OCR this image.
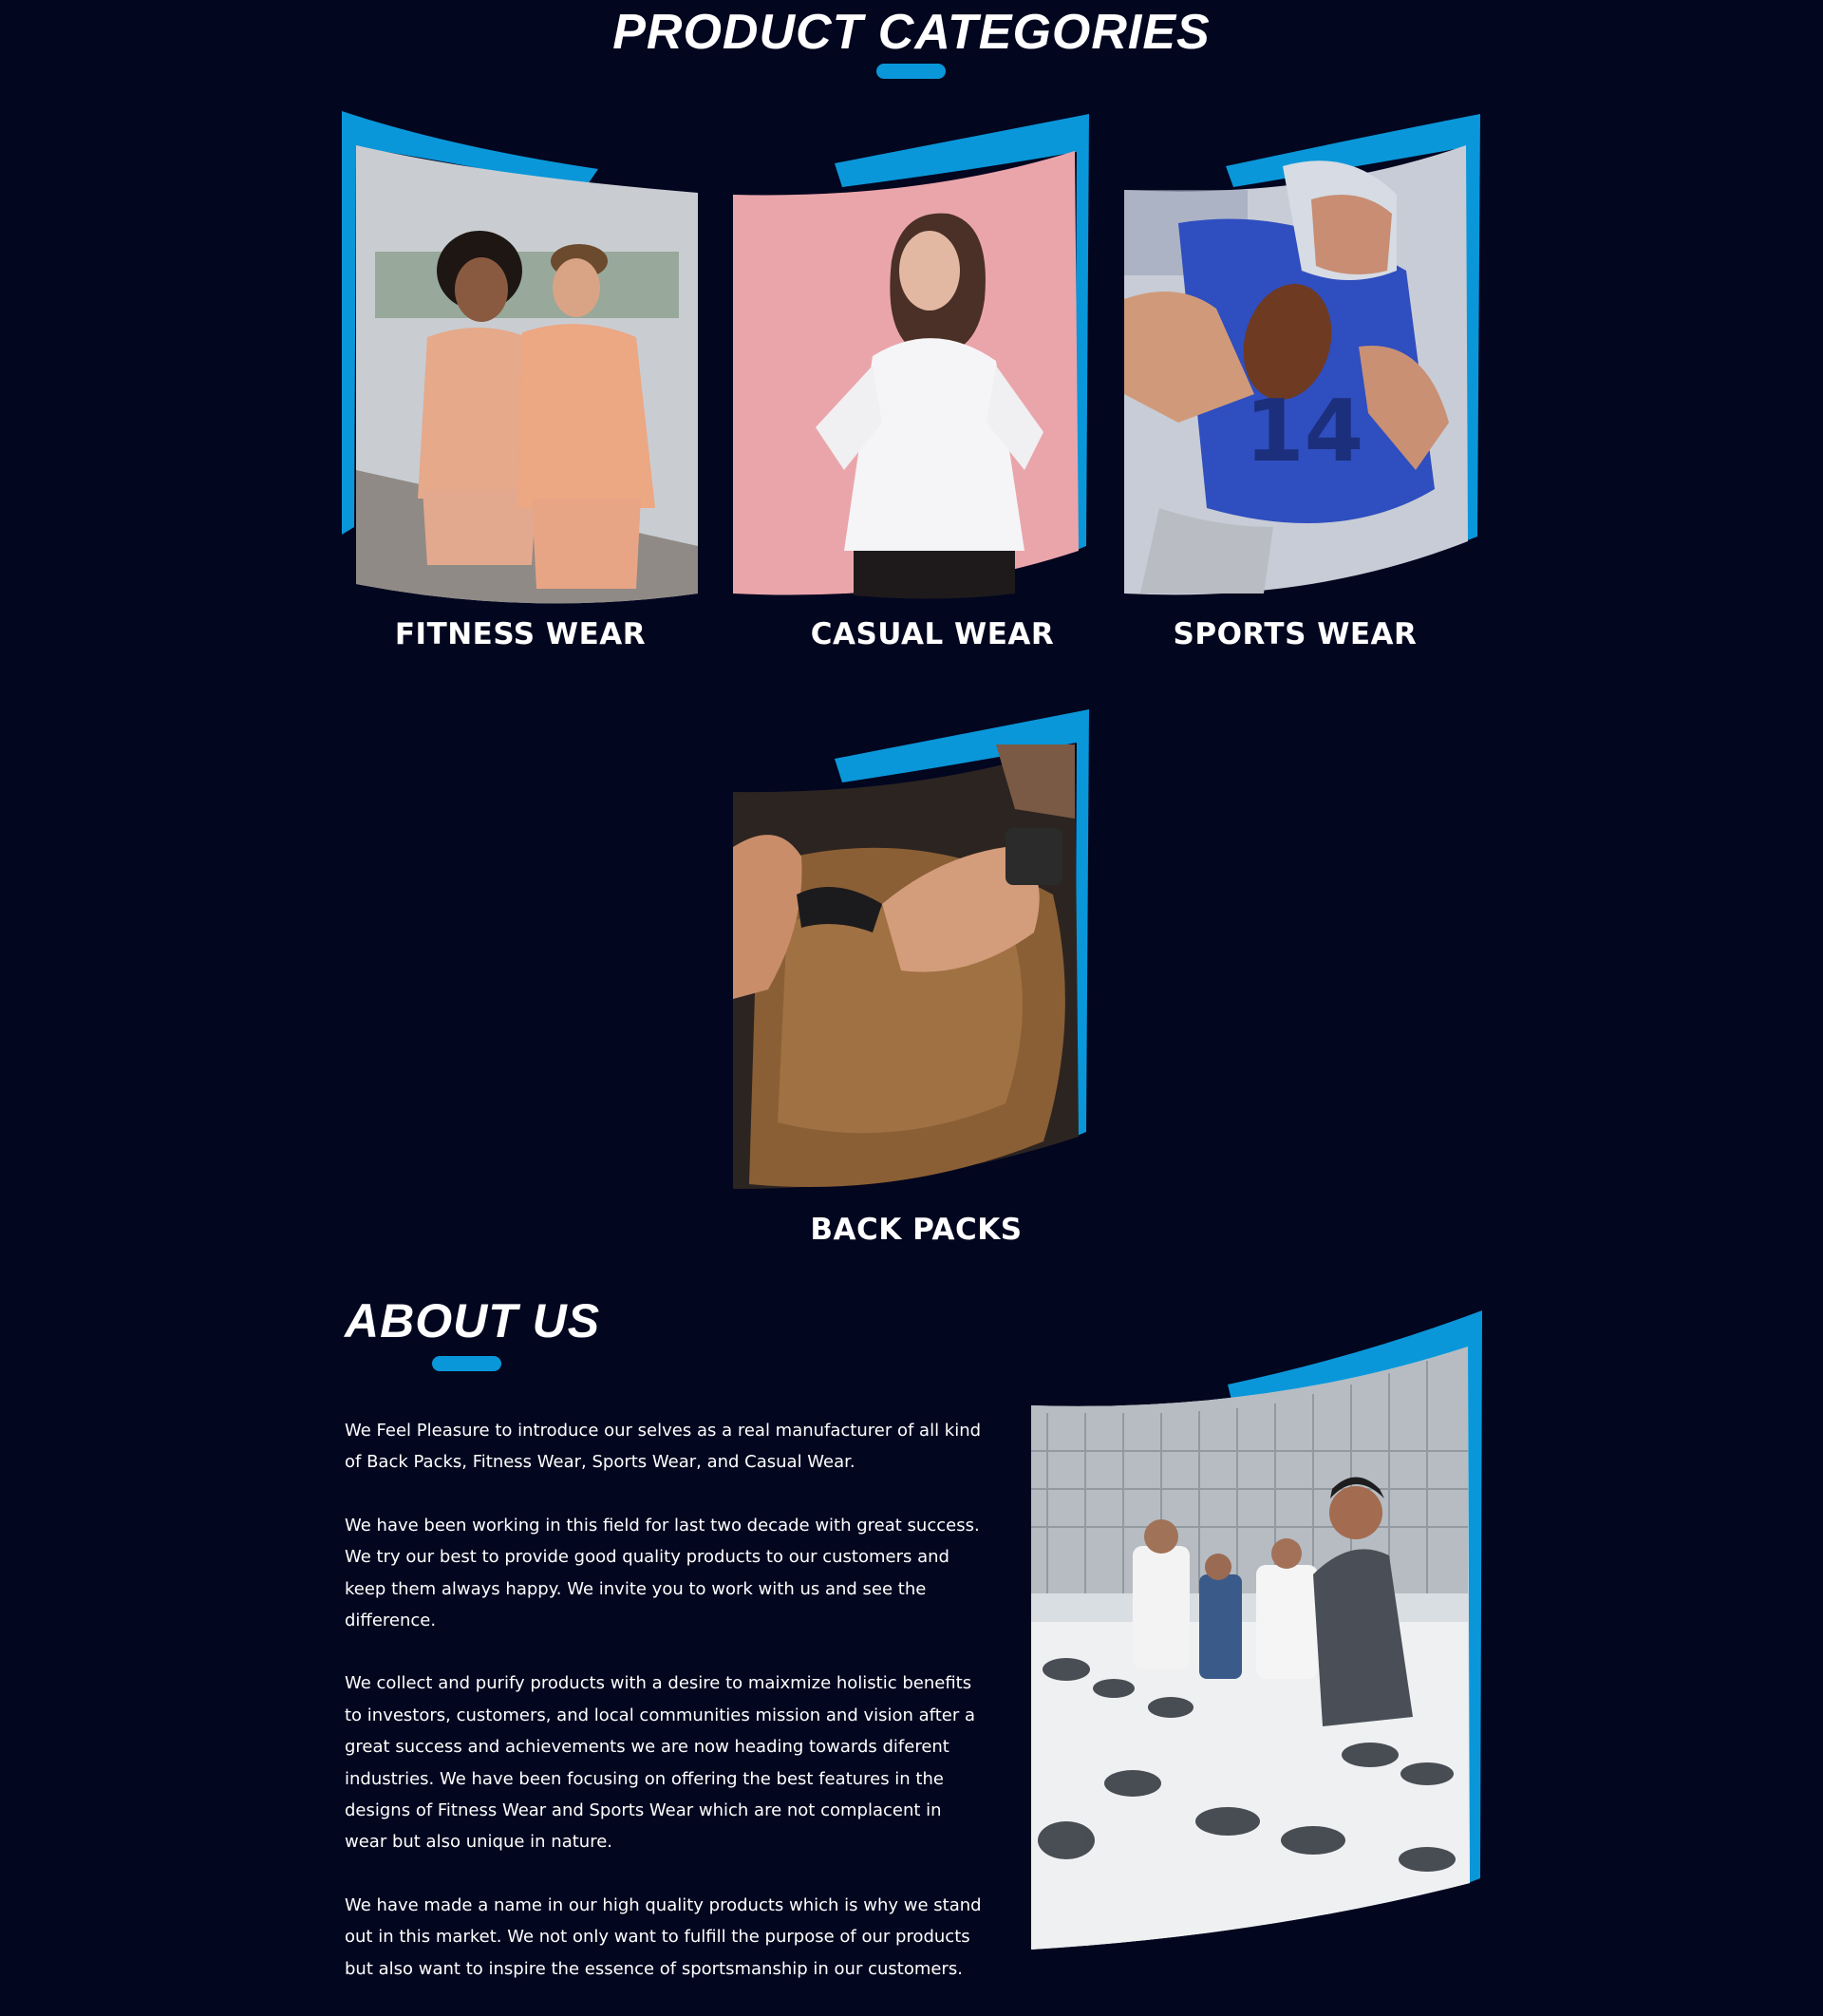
PRODUCT CATEGORIES
FITNESS WEAR	CASUAL WEAR
14
SPORTS WEAR
BACK PACKS
ABOUT US

We Feel Pleasure to introduce our selves as a real manufacturer of all kind of Back Packs, Fitness Wear, Sports Wear, and Casual Wear.

We have been working in this field for last two decade with great success. We try our best to provide good quality products to our customers and keep them always happy. We invite you to work with us and see the difference.

We collect and purify products with a desire to maixmize holistic benefits to investors, customers, and local communities mission and vision after a great success and achievements we are now heading towards diferent industries. We have been focusing on offering the best features in the designs of Fitness Wear and Sports Wear which are not complacent in wear but also unique in nature.

We have made a name in our high quality products which is why we stand out in this market. We not only want to fulfill the purpose of our products but also want to inspire the essence of sportsmanship in our customers.
